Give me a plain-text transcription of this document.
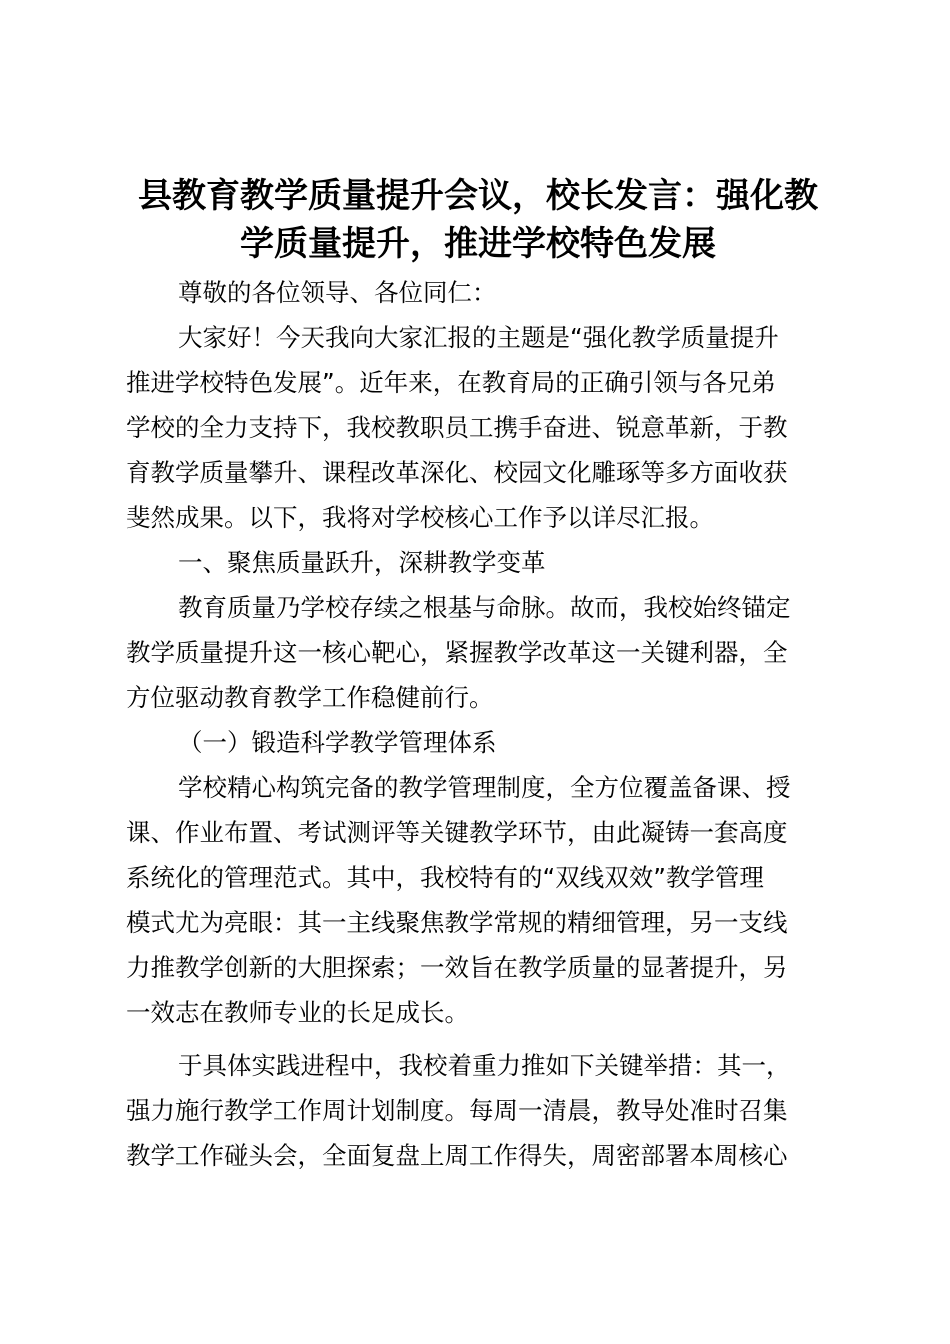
县教育教学质量提升会议，校长发言：强化教
学质量提升，推进学校特色发展

尊敬的各位领导、各位同仁：

大家好！今天我向大家汇报的主题是“强化教学质量提升
推进学校特色发展”。近年来，在教育局的正确引领与各兄弟
学校的全力支持下，我校教职员工携手奋进、锐意革新，于教
育教学质量攀升、课程改革深化、校园文化雕琢等多方面收获
斐然成果。以下，我将对学校核心工作予以详尽汇报。

一、聚焦质量跃升，深耕教学变革

教育质量乃学校存续之根基与命脉。故而，我校始终锚定
教学质量提升这一核心靶心，紧握教学改革这一关键利器，全
方位驱动教育教学工作稳健前行。

（一）锻造科学教学管理体系

学校精心构筑完备的教学管理制度，全方位覆盖备课、授
课、作业布置、考试测评等关键教学环节，由此凝铸一套高度
系统化的管理范式。其中，我校特有的“双线双效”教学管理
模式尤为亮眼：其一主线聚焦教学常规的精细管理，另一支线
力推教学创新的大胆探索；一效旨在教学质量的显著提升，另
一效志在教师专业的长足成长。

于具体实践进程中，我校着重力推如下关键举措：其一，
强力施行教学工作周计划制度。每周一清晨，教导处准时召集
教学工作碰头会，全面复盘上周工作得失，周密部署本周核心
